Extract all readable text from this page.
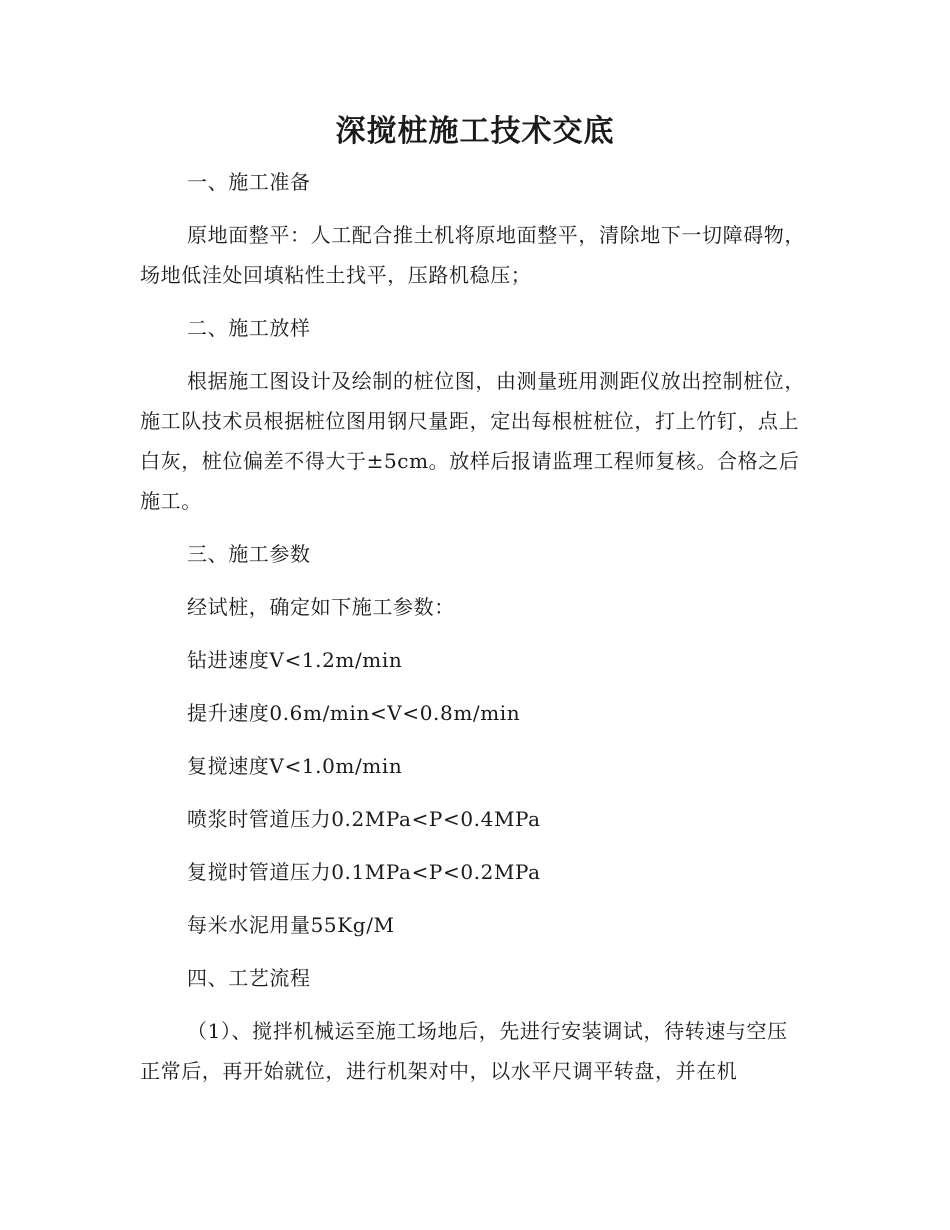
深搅桩施工技术交底

一、施工准备

原地面整平：人工配合推土机将原地面整平，清除地下一切障碍物，场地低洼处回填粘性土找平，压路机稳压；

二、施工放样

根据施工图设计及绘制的桩位图，由测量班用测距仪放出控制桩位，施工队技术员根据桩位图用钢尺量距，定出每根桩桩位，打上竹钉，点上白灰，桩位偏差不得大于±5cm。放样后报请监理工程师复核。合格之后施工。

三、施工参数

经试桩，确定如下施工参数：

钻进速度V<1.2m/min

提升速度0.6m/min<V<0.8m/min

复搅速度V<1.0m/min

喷浆时管道压力0.2MPa<P<0.4MPa

复搅时管道压力0.1MPa<P<0.2MPa

每米水泥用量55Kg/M

四、工艺流程

（1）、搅拌机械运至施工场地后，先进行安装调试，待转速与空压正常后，再开始就位，进行机架对中，以水平尺调平转盘，并在机
